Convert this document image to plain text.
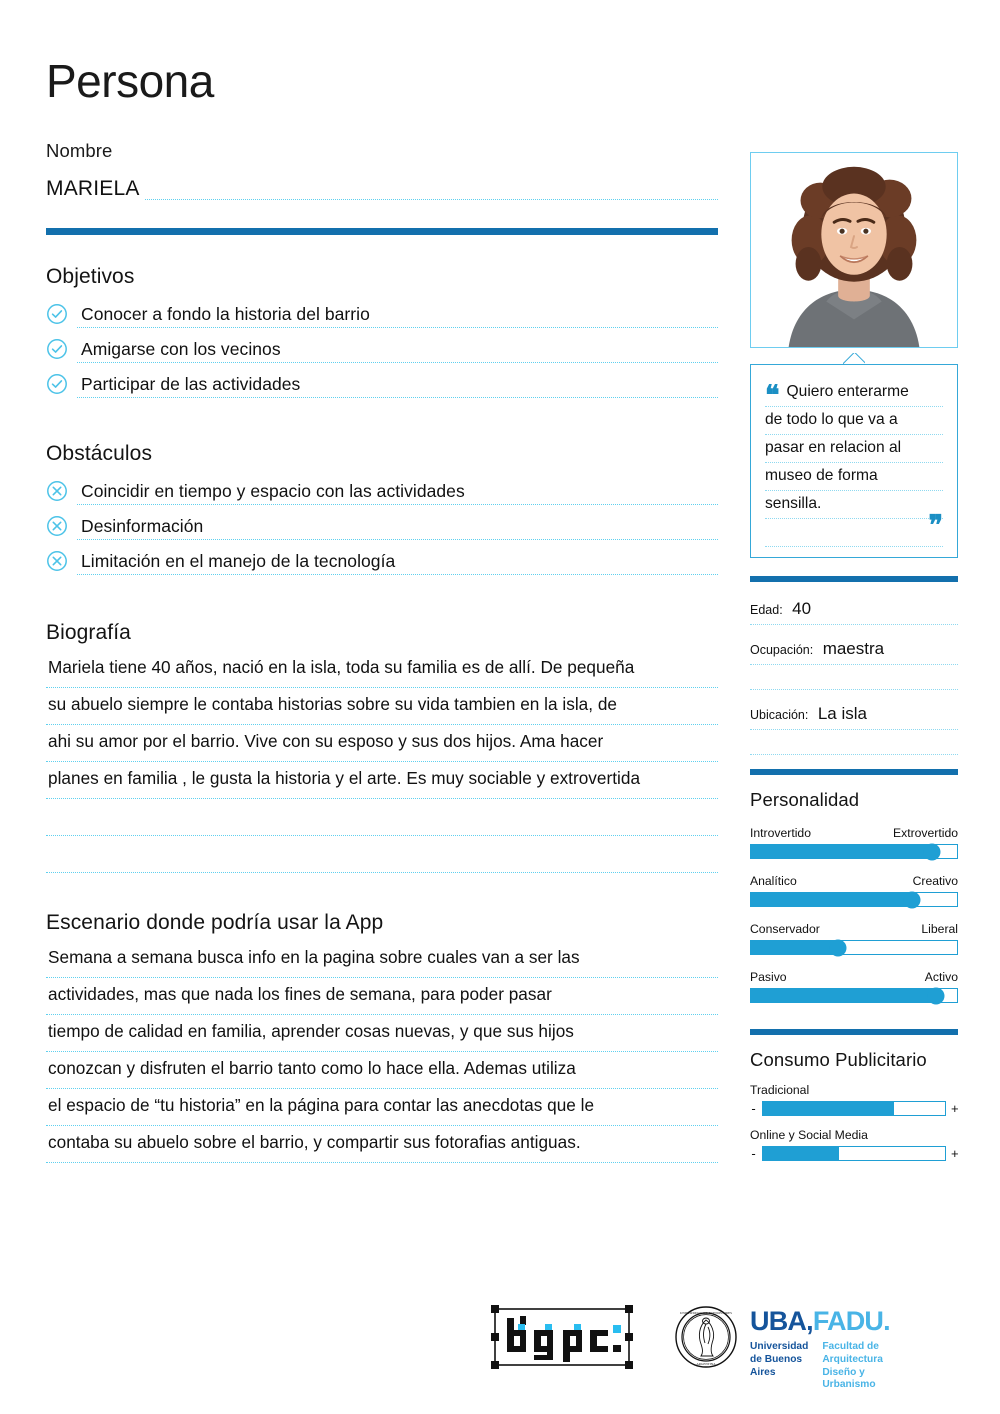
Persona
Nombre
MARIELA
Objetivos
Conocer a fondo la historia del barrio
Amigarse con los vecinos
Participar de las actividades
Obstáculos
Coincidir en tiempo y espacio con las actividades
Desinformación
Limitación en el manejo de la tecnología
Biografía
Mariela tiene 40 años, nació en la isla, toda su familia es de allí. De pequeña
su abuelo siempre le contaba historias sobre su vida tambien en la isla, de
ahi su amor por el barrio. Vive con su esposo y sus dos hijos. Ama hacer
planes en familia , le gusta la historia y el arte. Es muy sociable y extrovertida
Escenario donde podría usar la App
Semana a semana busca info en la pagina sobre cuales van a ser las
actividades, mas que nada los fines de semana, para poder pasar
tiempo de calidad en familia, aprender cosas nuevas, y que sus hijos
conozcan y disfruten el barrio tanto como lo hace ella. Ademas utiliza
el espacio de “tu historia” en la página para contar las anecdotas que le
contaba su abuelo sobre el barrio, y compartir sus fotorafias antiguas.
❝ Quiero enterarme
de todo lo que va a
pasar en relacion al
museo de forma
sensilla.
❞
Edad: 40
Ocupación: maestra
Ubicación: La isla
Personalidad
Introvertido	Extrovertido
Analítico	Creativo
Conservador	Liberal
Pasivo	Activo
Consumo Publicitario
Tradicional
-	+
Online y Social Media
-	+
UNIVERSIDAD DE BUENOS AIRES
ARGENTINA
UBA,FADU.
Universidad
de Buenos Aires
Facultad de Arquitectura
Diseño y Urbanismo
